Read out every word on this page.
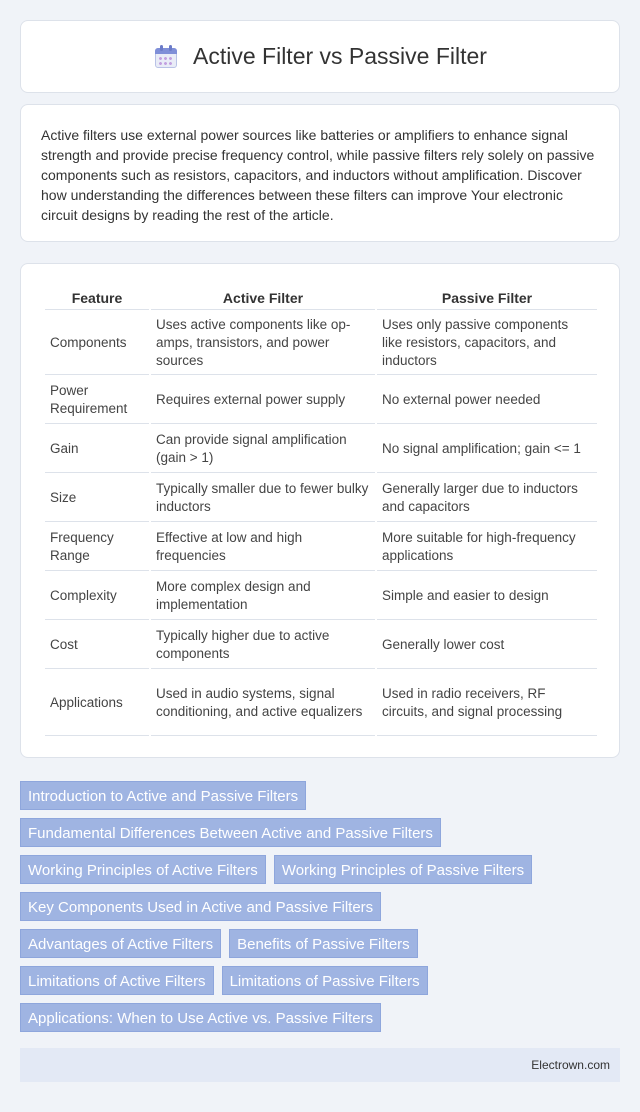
Active Filter vs Passive Filter

Active filters use external power sources like batteries or amplifiers to enhance signal strength and provide precise frequency control, while passive filters rely solely on passive components such as resistors, capacitors, and inductors without amplification. Discover how understanding the differences between these filters can improve Your electronic circuit designs by reading the rest of the article.

Feature	Active Filter	Passive Filter
Components	Uses active components like op-amps, transistors, and power sources	Uses only passive components like resistors, capacitors, and inductors
Power Requirement	Requires external power supply	No external power needed
Gain	Can provide signal amplification (gain > 1)	No signal amplification; gain <= 1
Size	Typically smaller due to fewer bulky inductors	Generally larger due to inductors and capacitors
Frequency Range	Effective at low and high frequencies	More suitable for high-frequency applications
Complexity	More complex design and implementation	Simple and easier to design
Cost	Typically higher due to active components	Generally lower cost
Applications	Used in audio systems, signal conditioning, and active equalizers	Used in radio receivers, RF circuits, and signal processing
Introduction to Active and Passive Filters
Fundamental Differences Between Active and Passive Filters
Working Principles of Active Filters	Working Principles of Passive Filters
Key Components Used in Active and Passive Filters
Advantages of Active Filters	Benefits of Passive Filters
Limitations of Active Filters	Limitations of Passive Filters
Applications: When to Use Active vs. Passive Filters
Electrown.com
